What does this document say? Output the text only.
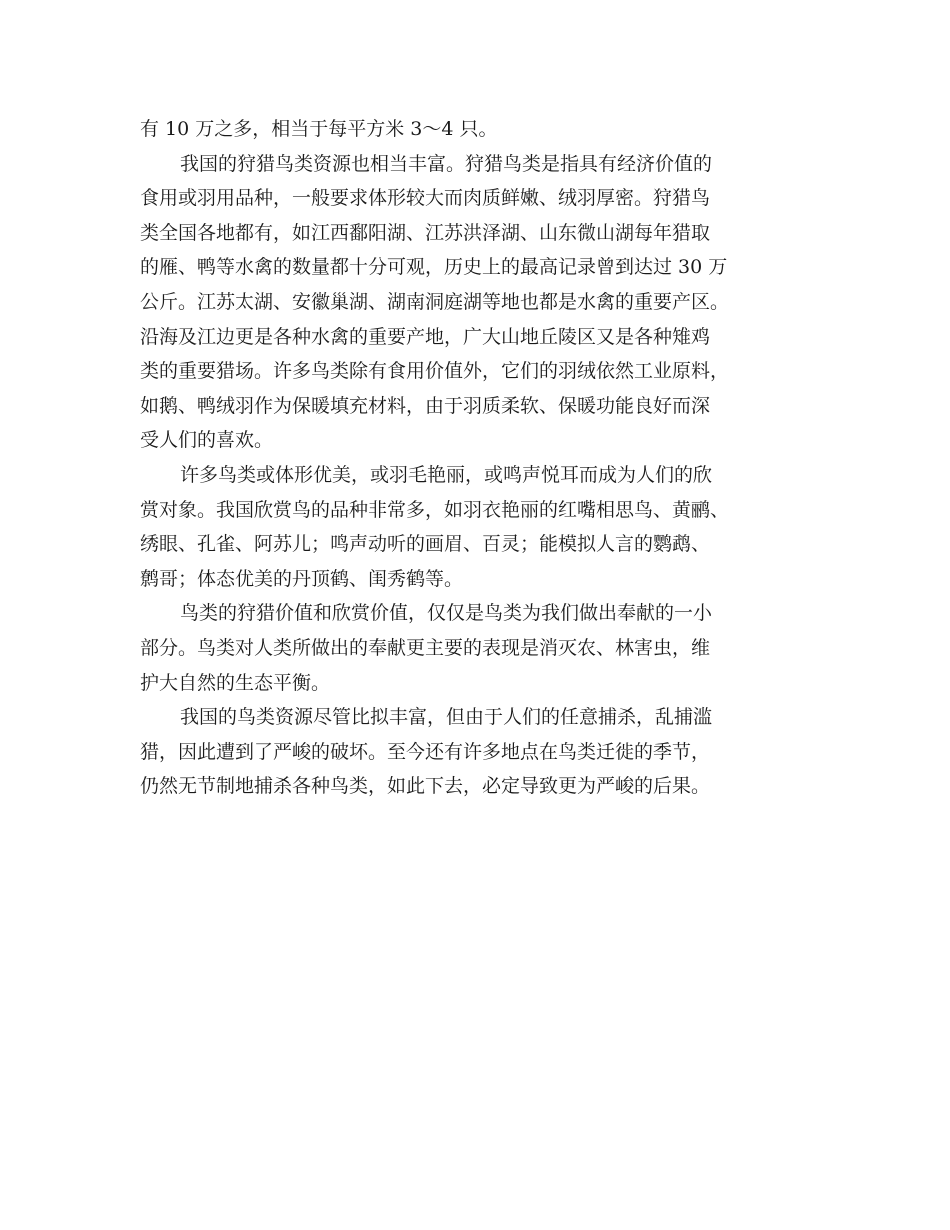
有 10 万之多，相当于每平方米 3～4 只。
我国的狩猎鸟类资源也相当丰富。狩猎鸟类是指具有经济价值的
食用或羽用品种，一般要求体形较大而肉质鲜嫩、绒羽厚密。狩猎鸟
类全国各地都有，如江西鄱阳湖、江苏洪泽湖、山东微山湖每年猎取
的雁、鸭等水禽的数量都十分可观，历史上的最高记录曾到达过 30 万
公斤。江苏太湖、安徽巢湖、湖南洞庭湖等地也都是水禽的重要产区。
沿海及江边更是各种水禽的重要产地，广大山地丘陵区又是各种雉鸡
类的重要猎场。许多鸟类除有食用价值外，它们的羽绒依然工业原料，
如鹅、鸭绒羽作为保暖填充材料，由于羽质柔软、保暖功能良好而深
受人们的喜欢。
许多鸟类或体形优美，或羽毛艳丽，或鸣声悦耳而成为人们的欣
赏对象。我国欣赏鸟的品种非常多，如羽衣艳丽的红嘴相思鸟、黄鹂、
绣眼、孔雀、阿苏儿；鸣声动听的画眉、百灵；能模拟人言的鹦鹉、
鹩哥；体态优美的丹顶鹤、闺秀鹤等。
鸟类的狩猎价值和欣赏价值，仅仅是鸟类为我们做出奉献的一小
部分。鸟类对人类所做出的奉献更主要的表现是消灭农、林害虫，维
护大自然的生态平衡。
我国的鸟类资源尽管比拟丰富，但由于人们的任意捕杀，乱捕滥
猎，因此遭到了严峻的破坏。至今还有许多地点在鸟类迁徙的季节，
仍然无节制地捕杀各种鸟类，如此下去，必定导致更为严峻的后果。
